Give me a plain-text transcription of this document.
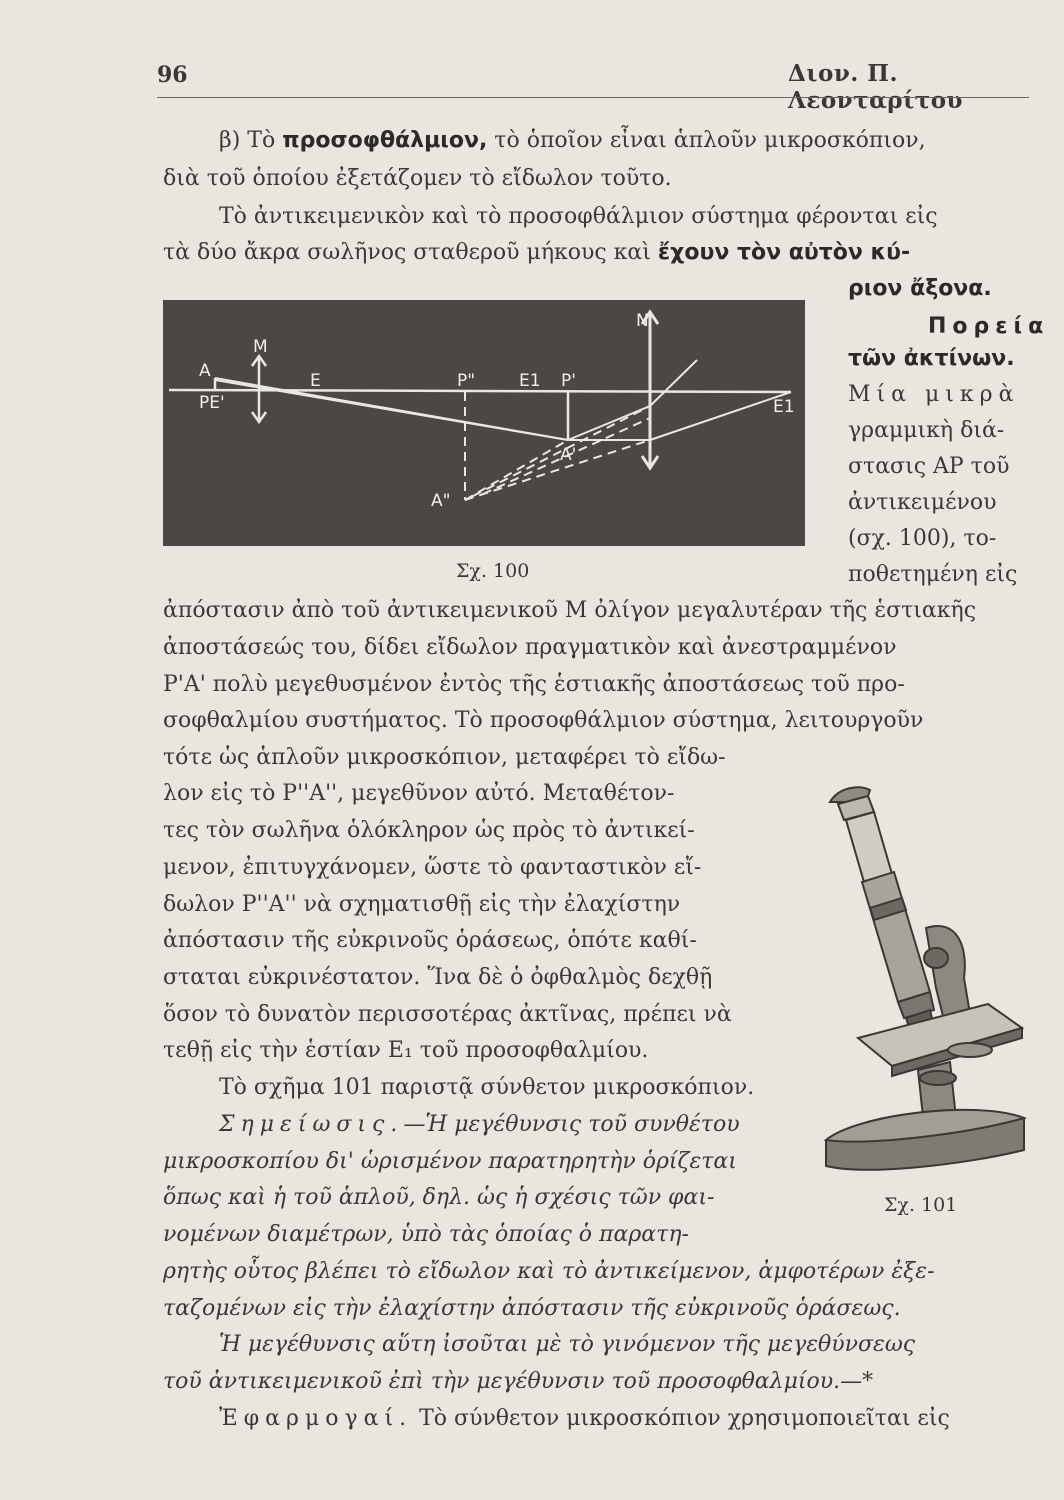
96	Διον. Π. Λεονταρίτου
β) Τὸ προσοφθάλμιον, τὸ ὁποῖον εἶναι ἁπλοῦν μικροσκόπιον,
διὰ τοῦ ὁποίου ἐξετάζομεν τὸ εἴδωλον τοῦτο.
Τὸ ἀντικειμενικὸν καὶ τὸ προσοφθάλμιον σύστημα φέρονται εἰς
τὰ δύο ἄκρα σωλῆνος σταθεροῦ μήκους καὶ ἔχουν τὸν αὐτὸν κύ-
ριον ἄξονα.
A
M
E
PE'
P"	E1 P'
N
E1
A'
A"
Σχ. 100
Πορεία
τῶν ἀκτίνων.
Μία μικρὰ
γραμμικὴ διά-
στασις ΑΡ τοῦ
ἀντικειμένου
(σχ. 100), το-
ποθετημένη εἰς
ἀπόστασιν ἀπὸ τοῦ ἀντικειμενικοῦ Μ ὀλίγον μεγαλυτέραν τῆς ἑστιακῆς
ἀποστάσεώς του, δίδει εἴδωλον πραγματικὸν καὶ ἀνεστραμμένον
Ρ'Α' πολὺ μεγεθυσμένον ἐντὸς τῆς ἑστιακῆς ἀποστάσεως τοῦ προ-
σοφθαλμίου συστήματος. Τὸ προσοφθάλμιον σύστημα, λειτουργοῦν
τότε ὡς ἁπλοῦν μικροσκόπιον, μεταφέρει τὸ εἴδω-
λον εἰς τὸ Ρ''Α'', μεγεθῦνον αὐτό. Μεταθέτον-
τες τὸν σωλῆνα ὁλόκληρον ὡς πρὸς τὸ ἀντικεί-
μενον, ἐπιτυγχάνομεν, ὥστε τὸ φανταστικὸν εἴ-
δωλον Ρ''Α'' νὰ σχηματισθῇ εἰς τὴν ἐλαχίστην
ἀπόστασιν τῆς εὐκρινοῦς ὁράσεως, ὁπότε καθί-
σταται εὐκρινέστατον. Ἵνα δὲ ὁ ὀφθαλμὸς δεχθῇ
ὅσον τὸ δυνατὸν περισσοτέρας ἀκτῖνας, πρέπει νὰ
τεθῇ εἰς τὴν ἑστίαν Ε₁ τοῦ προσοφθαλμίου.
Τὸ σχῆμα 101 παριστᾷ σύνθετον μικροσκόπιον.
Σημείωσις.—Ἡ μεγέθυνσις τοῦ συνθέτου
μικροσκοπίου δι' ὡρισμένον παρατηρητὴν ὁρίζεται
ὅπως καὶ ἡ τοῦ ἁπλοῦ, δηλ. ὡς ἡ σχέσις τῶν φαι-
νομένων διαμέτρων, ὑπὸ τὰς ὁποίας ὁ παρατη-
ρητὴς οὗτος βλέπει τὸ εἴδωλον καὶ τὸ ἀντικείμενον, ἀμφοτέρων ἐξε-
ταζομένων εἰς τὴν ἐλαχίστην ἀπόστασιν τῆς εὐκρινοῦς ὁράσεως.
Ἡ μεγέθυνσις αὕτη ἰσοῦται μὲ τὸ γινόμενον τῆς μεγεθύνσεως
τοῦ ἀντικειμενικοῦ ἐπὶ τὴν μεγέθυνσιν τοῦ προσοφθαλμίου.—*
Ἐφαρμογαί. Τὸ σύνθετον μικροσκόπιον χρησιμοποιεῖται εἰς
Σχ. 101
